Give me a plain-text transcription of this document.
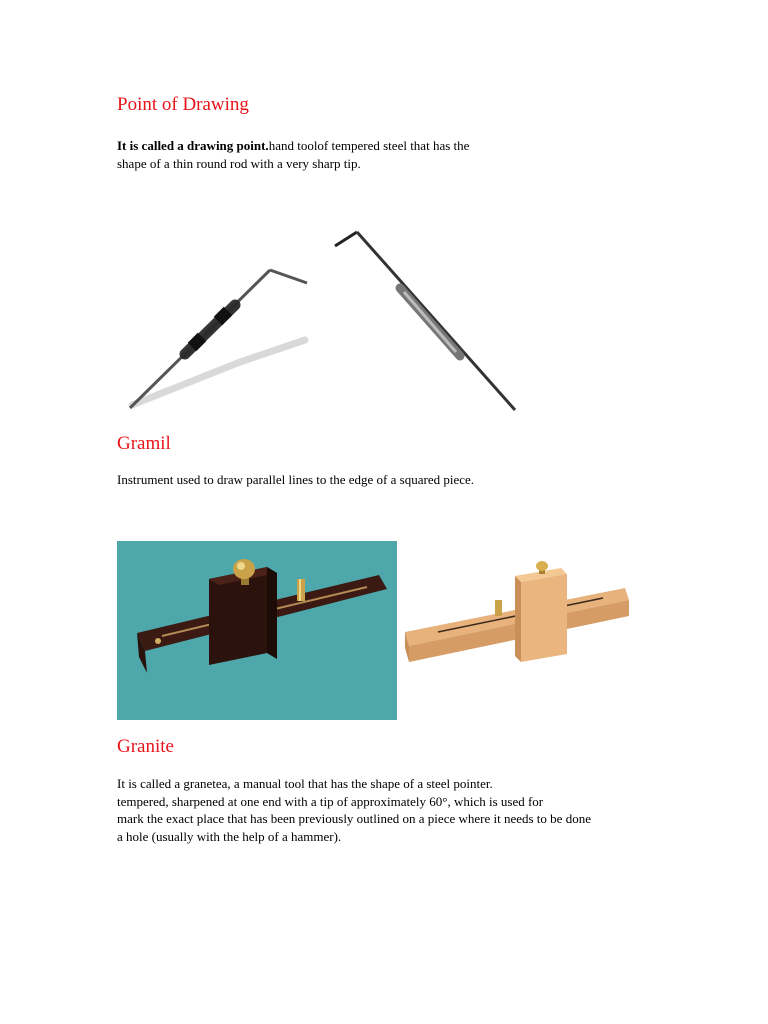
Point of Drawing

It is called a drawing point.hand toolof tempered steel that has the
shape of a thin round rod with a very sharp tip.

Gramil

Instrument used to draw parallel lines to the edge of a squared piece.

Granite

It is called a granetea, a manual tool that has the shape of a steel pointer.
tempered, sharpened at one end with a tip of approximately 60°, which is used for
mark the exact place that has been previously outlined on a piece where it needs to be done
a hole (usually with the help of a hammer).
